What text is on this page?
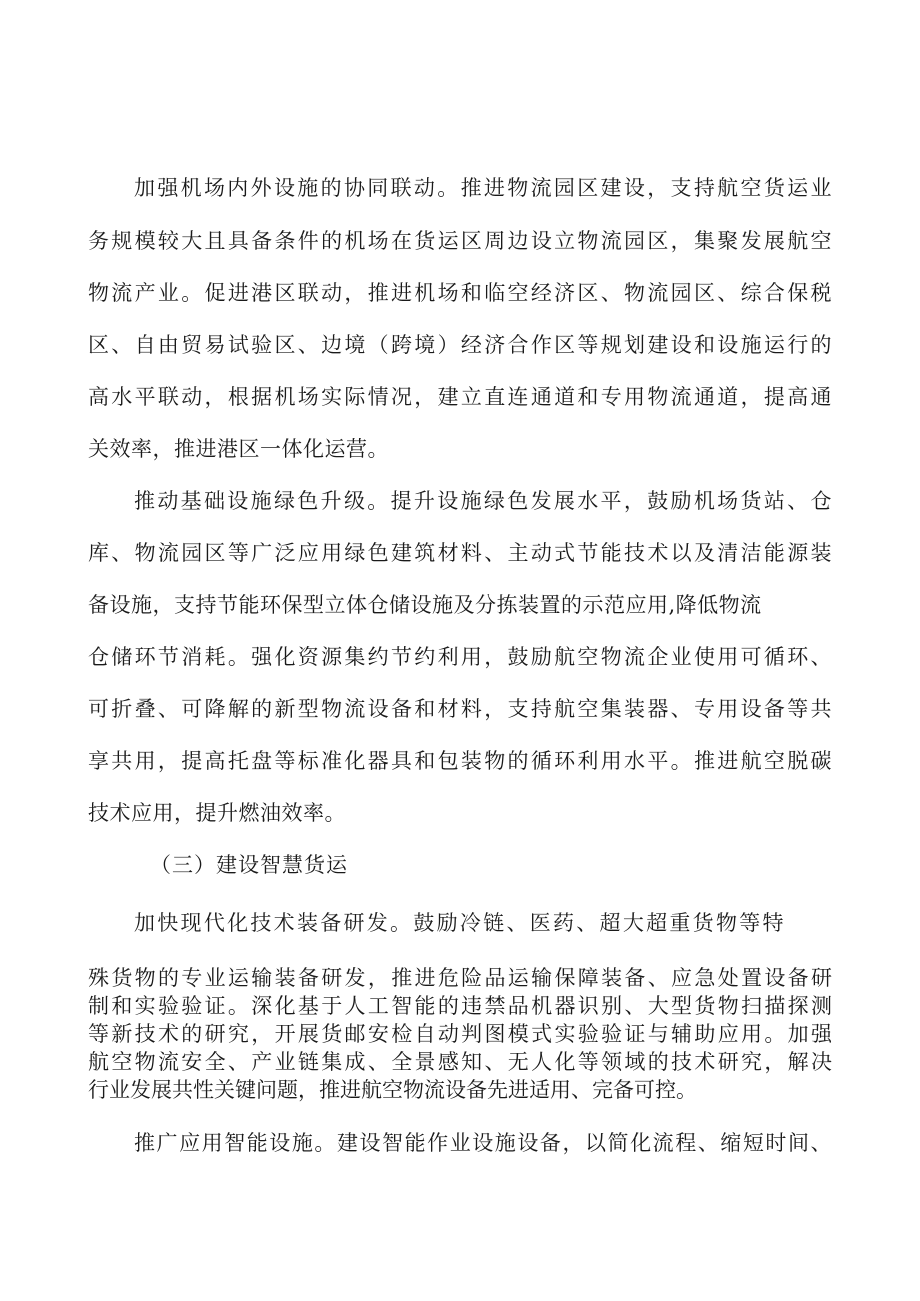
加强机场内外设施的协同联动。推进物流园区建设，支持航空货运业
务规模较大且具备条件的机场在货运区周边设立物流园区，集聚发展航空
物流产业。促进港区联动，推进机场和临空经济区、物流园区、综合保税
区、自由贸易试验区、边境（跨境）经济合作区等规划建设和设施运行的
高水平联动，根据机场实际情况，建立直连通道和专用物流通道，提高通
关效率，推进港区一体化运营。
推动基础设施绿色升级。提升设施绿色发展水平，鼓励机场货站、仓
库、物流园区等广泛应用绿色建筑材料、主动式节能技术以及清洁能源装
备设施，支持节能环保型立体仓储设施及分拣装置的示范应用,降低物流
仓储环节消耗。强化资源集约节约利用，鼓励航空物流企业使用可循环、
可折叠、可降解的新型物流设备和材料，支持航空集装器、专用设备等共
享共用，提高托盘等标准化器具和包装物的循环利用水平。推进航空脱碳
技术应用，提升燃油效率。
（三）建设智慧货运
加快现代化技术装备研发。鼓励冷链、医药、超大超重货物等特
殊货物的专业运输装备研发，推进危险品运输保障装备、应急处置设备研
制和实验验证。深化基于人工智能的违禁品机器识别、大型货物扫描探测
等新技术的研究，开展货邮安检自动判图模式实验验证与辅助应用。加强
航空物流安全、产业链集成、全景感知、无人化等领域的技术研究，解决
行业发展共性关键问题，推进航空物流设备先进适用、完备可控。
推广应用智能设施。建设智能作业设施设备，以简化流程、缩短时间、
